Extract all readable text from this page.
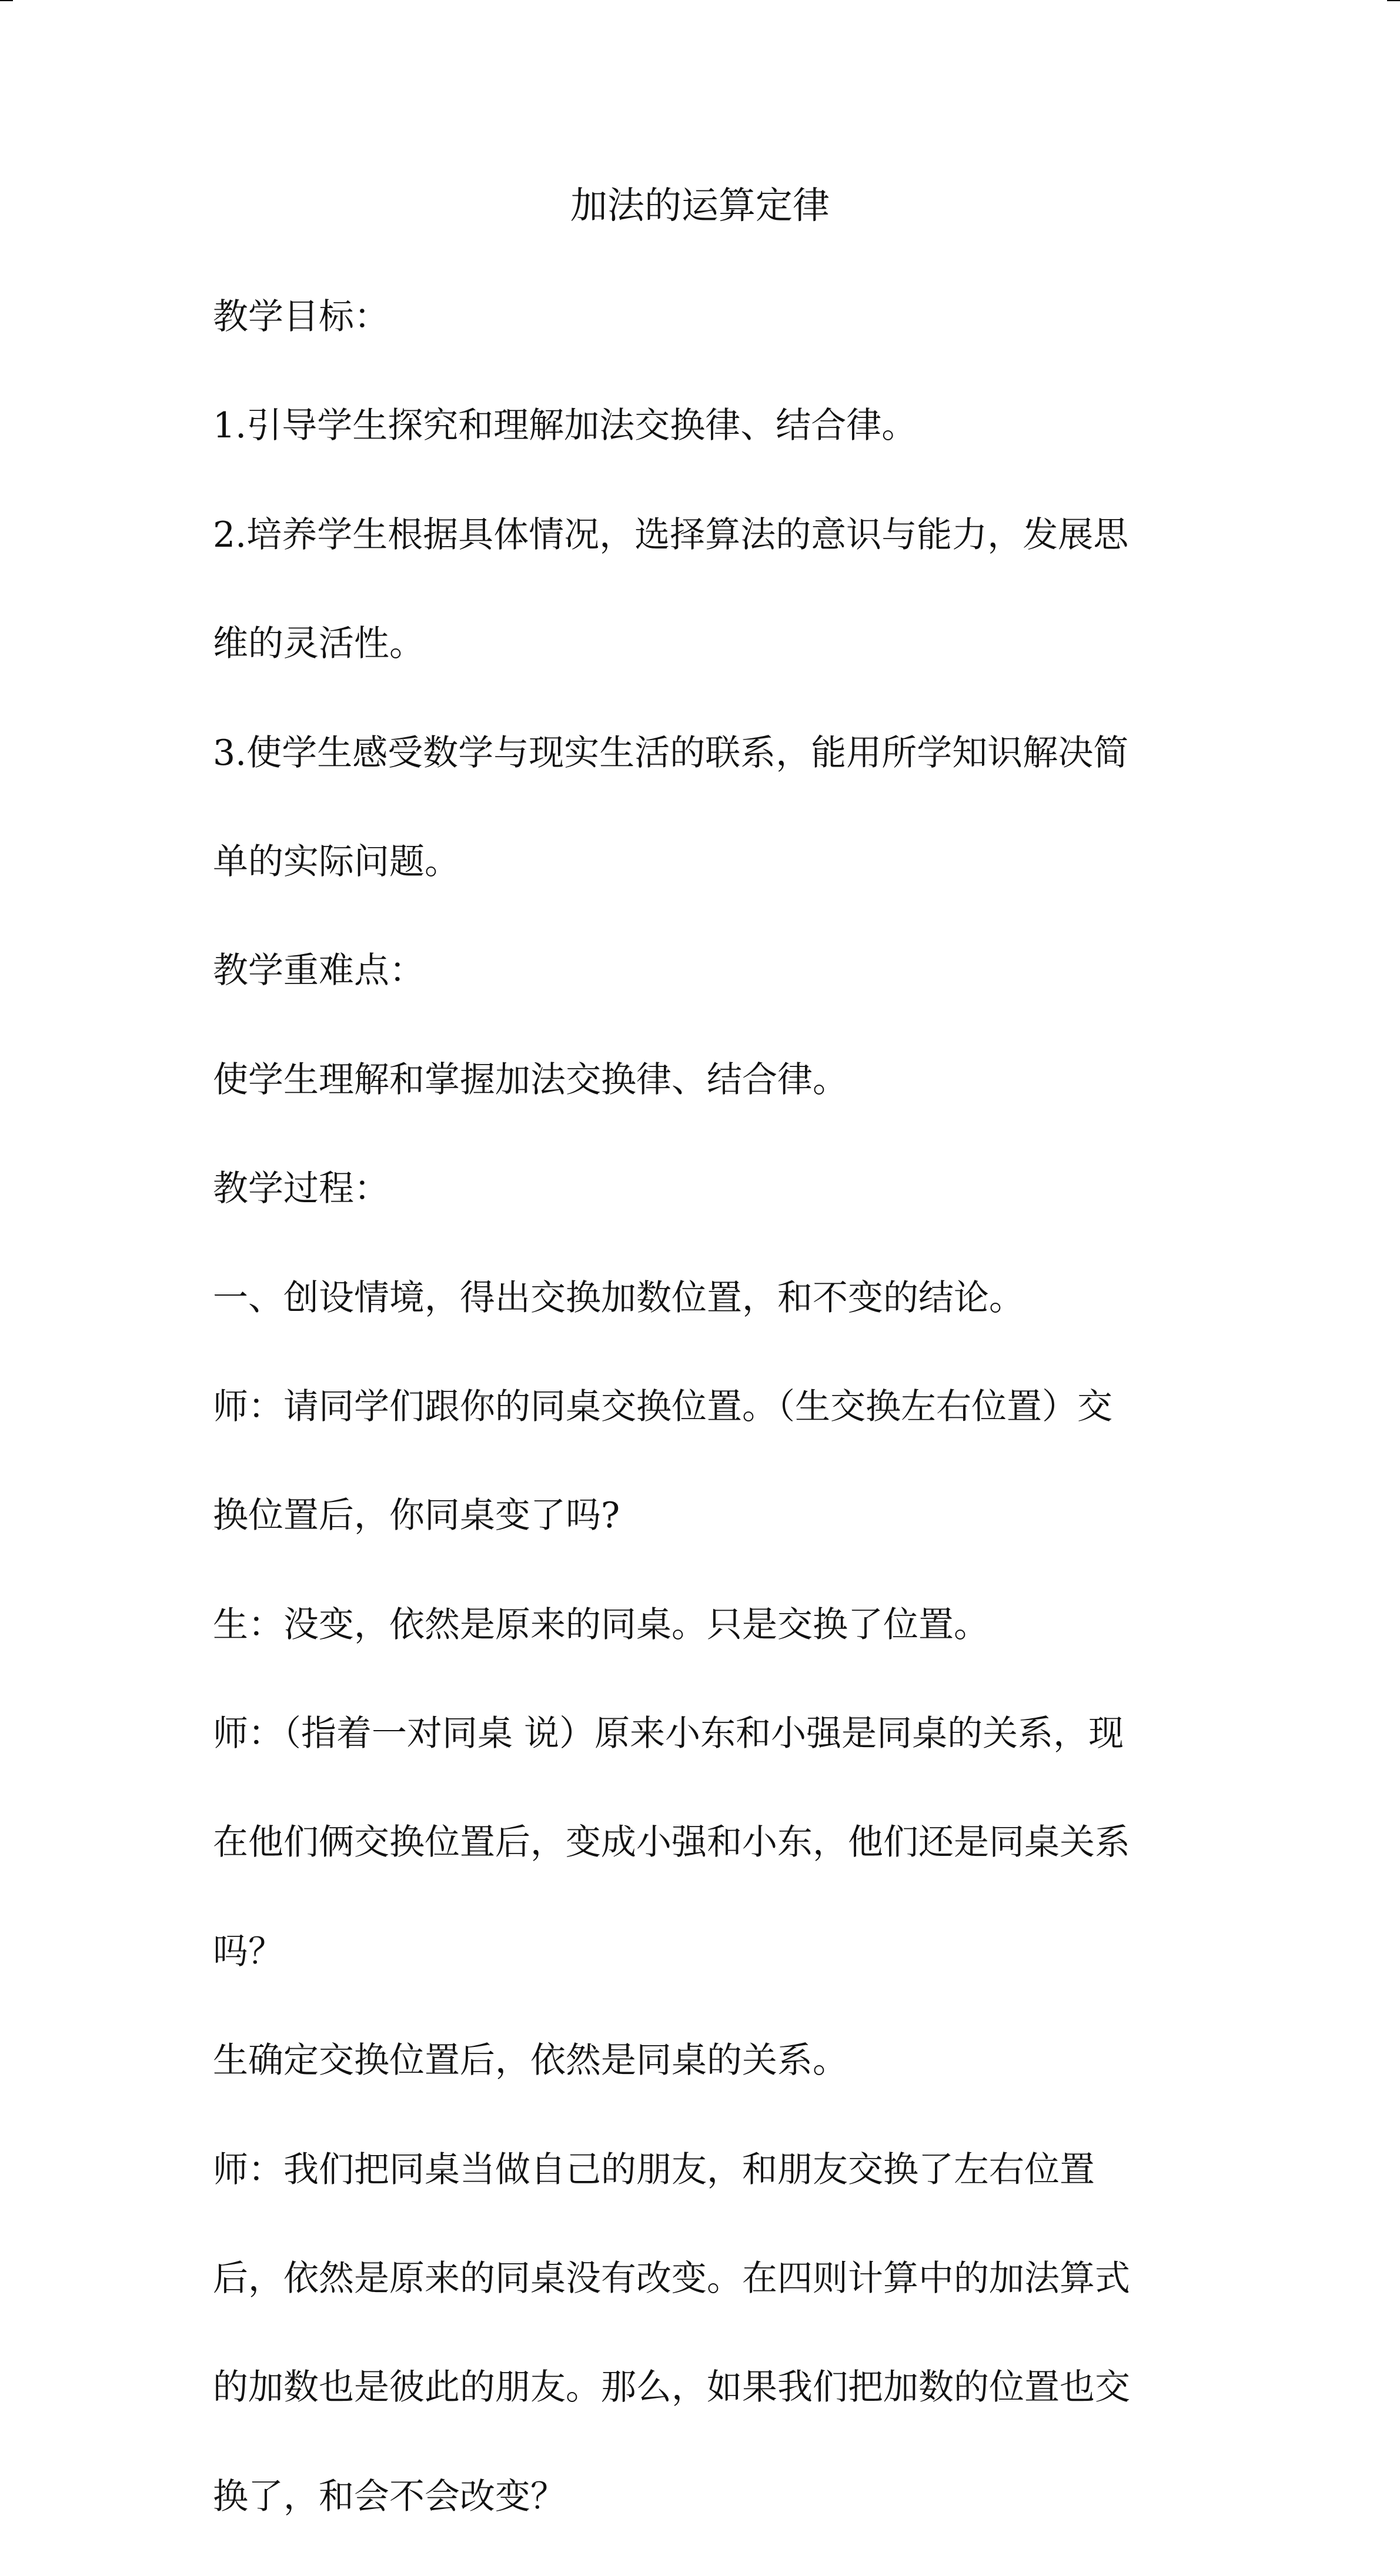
加法的运算定律

教学目标：

1.引导学生探究和理解加法交换律、结合律。

2.培养学生根据具体情况，选择算法的意识与能力，发展思

维的灵活性。

3.使学生感受数学与现实生活的联系，能用所学知识解决简

单的实际问题。

教学重难点：

使学生理解和掌握加法交换律、结合律。

教学过程：

一、创设情境，得出交换加数位置，和不变的结论。

师：请同学们跟你的同桌交换位置。（生交换左右位置）交

换位置后，你同桌变了吗?

生：没变，依然是原来的同桌。只是交换了位置。

师：（指着一对同桌 说）原来小东和小强是同桌的关系，现

在他们俩交换位置后，变成小强和小东，他们还是同桌关系

吗？

生确定交换位置后，依然是同桌的关系。

师：我们把同桌当做自己的朋友，和朋友交换了左右位置

后，依然是原来的同桌没有改变。在四则计算中的加法算式

的加数也是彼此的朋友。那么，如果我们把加数的位置也交

换了，和会不会改变？
